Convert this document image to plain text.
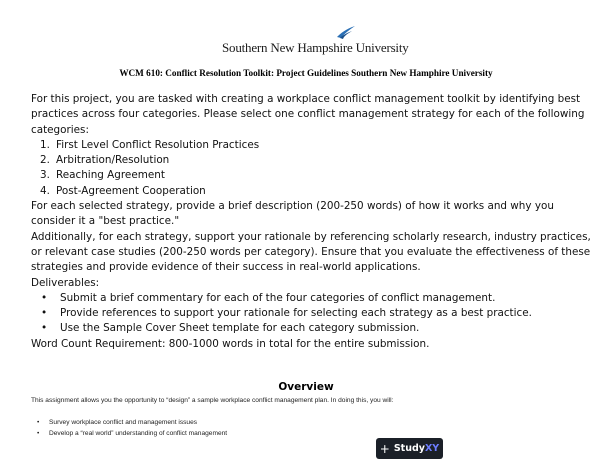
Southern New Hampshire University
WCM 610: Conflict Resolution Toolkit: Project Guidelines Southern New Hamphire University

For this project, you are tasked with creating a workplace conflict management toolkit by identifying best practices across four categories. Please select one conflict management strategy for each of the following categories:

1. First Level Conflict Resolution Practices
2. Arbitration/Resolution
3. Reaching Agreement
4. Post-Agreement Cooperation

For each selected strategy, provide a brief description (200-250 words) of how it works and why you consider it a "best practice."

Additionally, for each strategy, support your rationale by referencing scholarly research, industry practices, or relevant case studies (200-250 words per category). Ensure that you evaluate the effectiveness of these strategies and provide evidence of their success in real-world applications.

Deliverables:

• Submit a brief commentary for each of the four categories of conflict management.
• Provide references to support your rationale for selecting each strategy as a best practice.
• Use the Sample Cover Sheet template for each category submission.

Word Count Requirement: 800-1000 words in total for the entire submission.

Overview
This assignment allows you the opportunity to “design” a sample workplace conflict management plan. In doing this, you will:
• Survey workplace conflict and management issues
• Develop a “real world” understanding of conflict management
+ StudyXY
